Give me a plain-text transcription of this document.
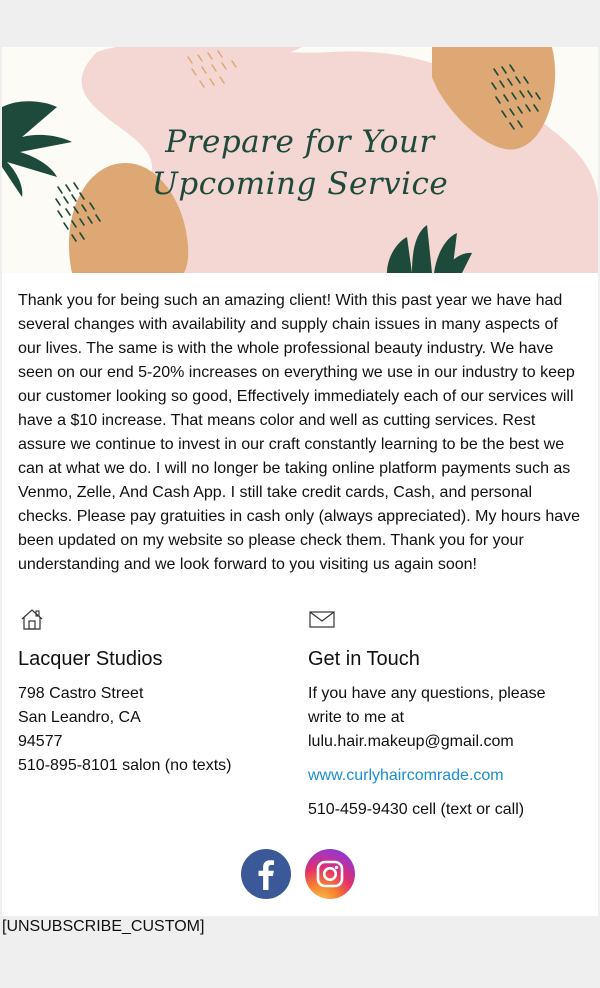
Prepare for Your
Upcoming Service
Thank you for being such an amazing client! With this past year we have had several changes with availability and supply chain issues in many aspects of our lives. The same is with the whole professional beauty industry. We have seen on our end 5-20% increases on everything we use in our industry to keep our customer looking so good, Effectively immediately each of our services will have a $10 increase. That means color and well as cutting services. Rest assure we continue to invest in our craft constantly learning to be the best we can at what we do. I will no longer be taking online platform payments such as Venmo, Zelle, And Cash App. I still take credit cards, Cash, and personal checks. Please pay gratuities in cash only (always appreciated). My hours have been updated on my website so please check them. Thank you for your understanding and we look forward to you visiting us again soon!
Lacquer Studios
798 Castro Street
San Leandro, CA
94577
510-895-8101 salon (no texts)
Get in Touch
If you have any questions, please
write to me at
lulu.hair.makeup@gmail.com
www.curlyhaircomrade.com
510-459-9430 cell (text or call)
[UNSUBSCRIBE_CUSTOM]
